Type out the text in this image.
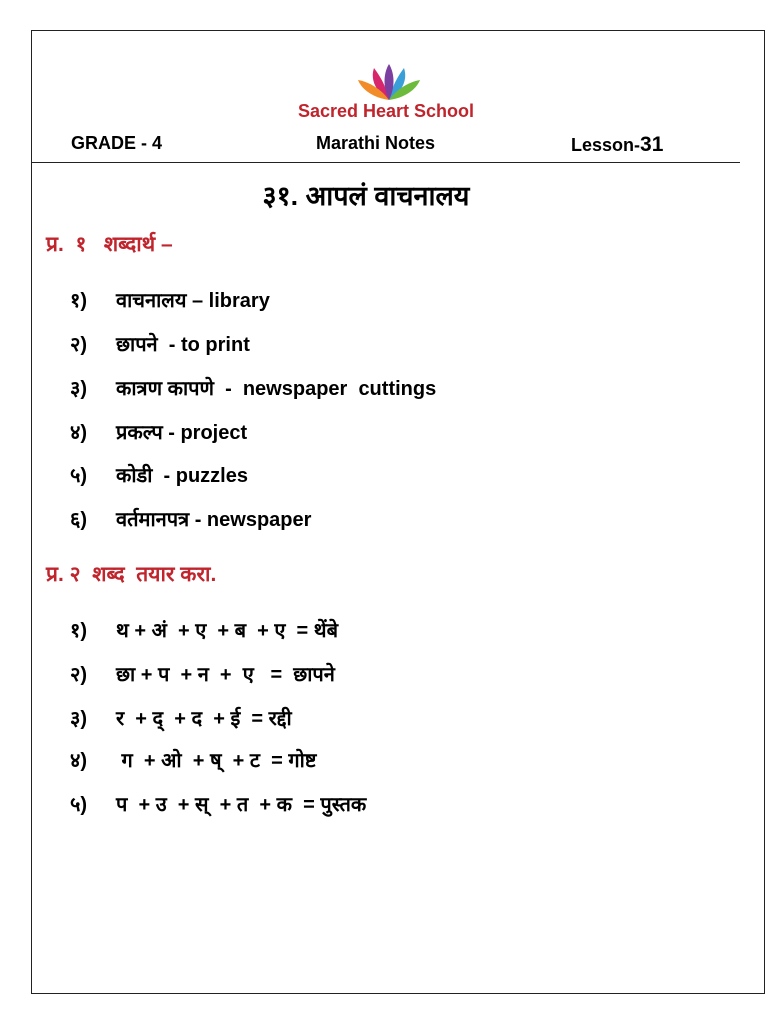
Sacred Heart School
GRADE - 4	Marathi Notes	Lesson-31
३१. आपलं वाचनालय
प्र.  १   शब्दार्थ –
१) वाचनालय – library
२) छापने  - to print
३) कात्रण कापणे  -  newspaper  cuttings
४) प्रकल्प - project
५) कोडी  - puzzles
६) वर्तमानपत्र - newspaper
प्र. २  शब्द  तयार करा.
१) थ + अं  + ए  + ब  + ए  = थेंबे
२) छा + प  + न  +  ए   =  छापने
३) र  + द्  + द  + ई  = रद्दी
४) ग  + ओ  + ष्  + ट  = गोष्ट
५) प  + उ  + स्  + त  + क  = पुस्तक
